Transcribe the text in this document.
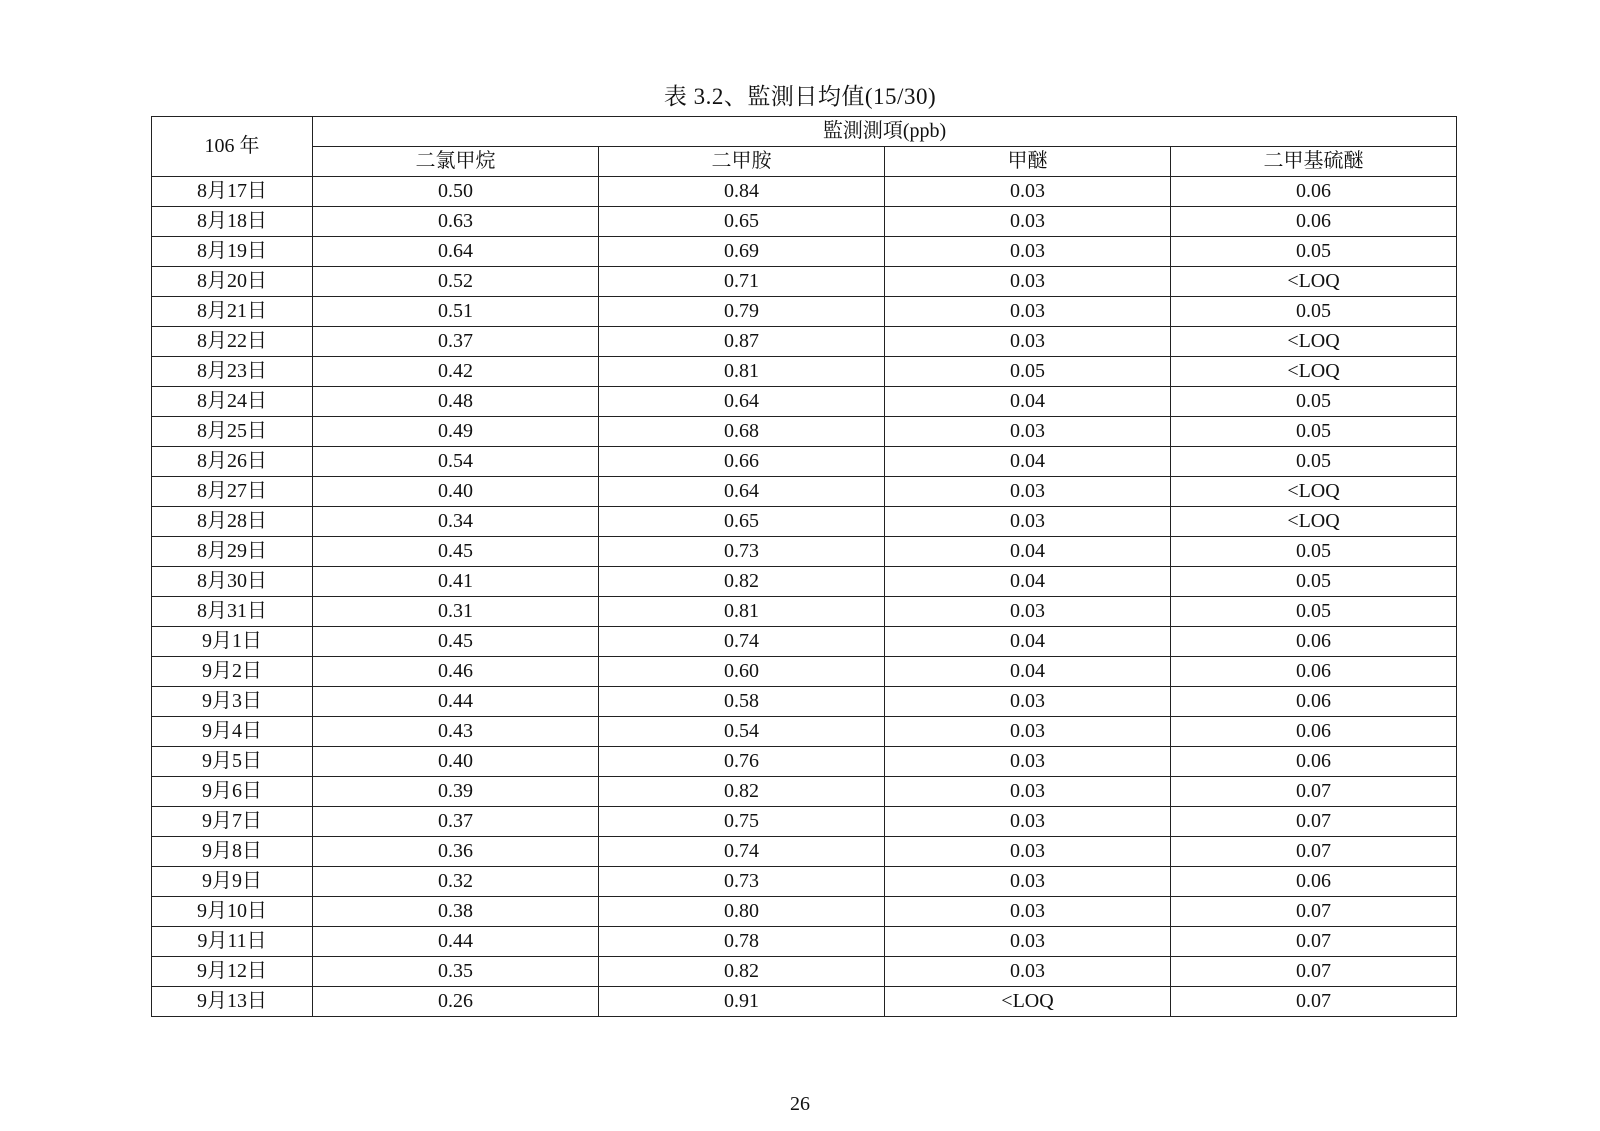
表 3.2、監測日均值(15/30)
106 年	監測測項(ppb)			
	二氯甲烷	二甲胺	甲醚	二甲基硫醚
8月17日	0.50	0.84	0.03	0.06
8月18日	0.63	0.65	0.03	0.06
8月19日	0.64	0.69	0.03	0.05
8月20日	0.52	0.71	0.03	<LOQ
8月21日	0.51	0.79	0.03	0.05
8月22日	0.37	0.87	0.03	<LOQ
8月23日	0.42	0.81	0.05	<LOQ
8月24日	0.48	0.64	0.04	0.05
8月25日	0.49	0.68	0.03	0.05
8月26日	0.54	0.66	0.04	0.05
8月27日	0.40	0.64	0.03	<LOQ
8月28日	0.34	0.65	0.03	<LOQ
8月29日	0.45	0.73	0.04	0.05
8月30日	0.41	0.82	0.04	0.05
8月31日	0.31	0.81	0.03	0.05
9月1日	0.45	0.74	0.04	0.06
9月2日	0.46	0.60	0.04	0.06
9月3日	0.44	0.58	0.03	0.06
9月4日	0.43	0.54	0.03	0.06
9月5日	0.40	0.76	0.03	0.06
9月6日	0.39	0.82	0.03	0.07
9月7日	0.37	0.75	0.03	0.07
9月8日	0.36	0.74	0.03	0.07
9月9日	0.32	0.73	0.03	0.06
9月10日	0.38	0.80	0.03	0.07
9月11日	0.44	0.78	0.03	0.07
9月12日	0.35	0.82	0.03	0.07
9月13日	0.26	0.91	<LOQ	0.07
26
